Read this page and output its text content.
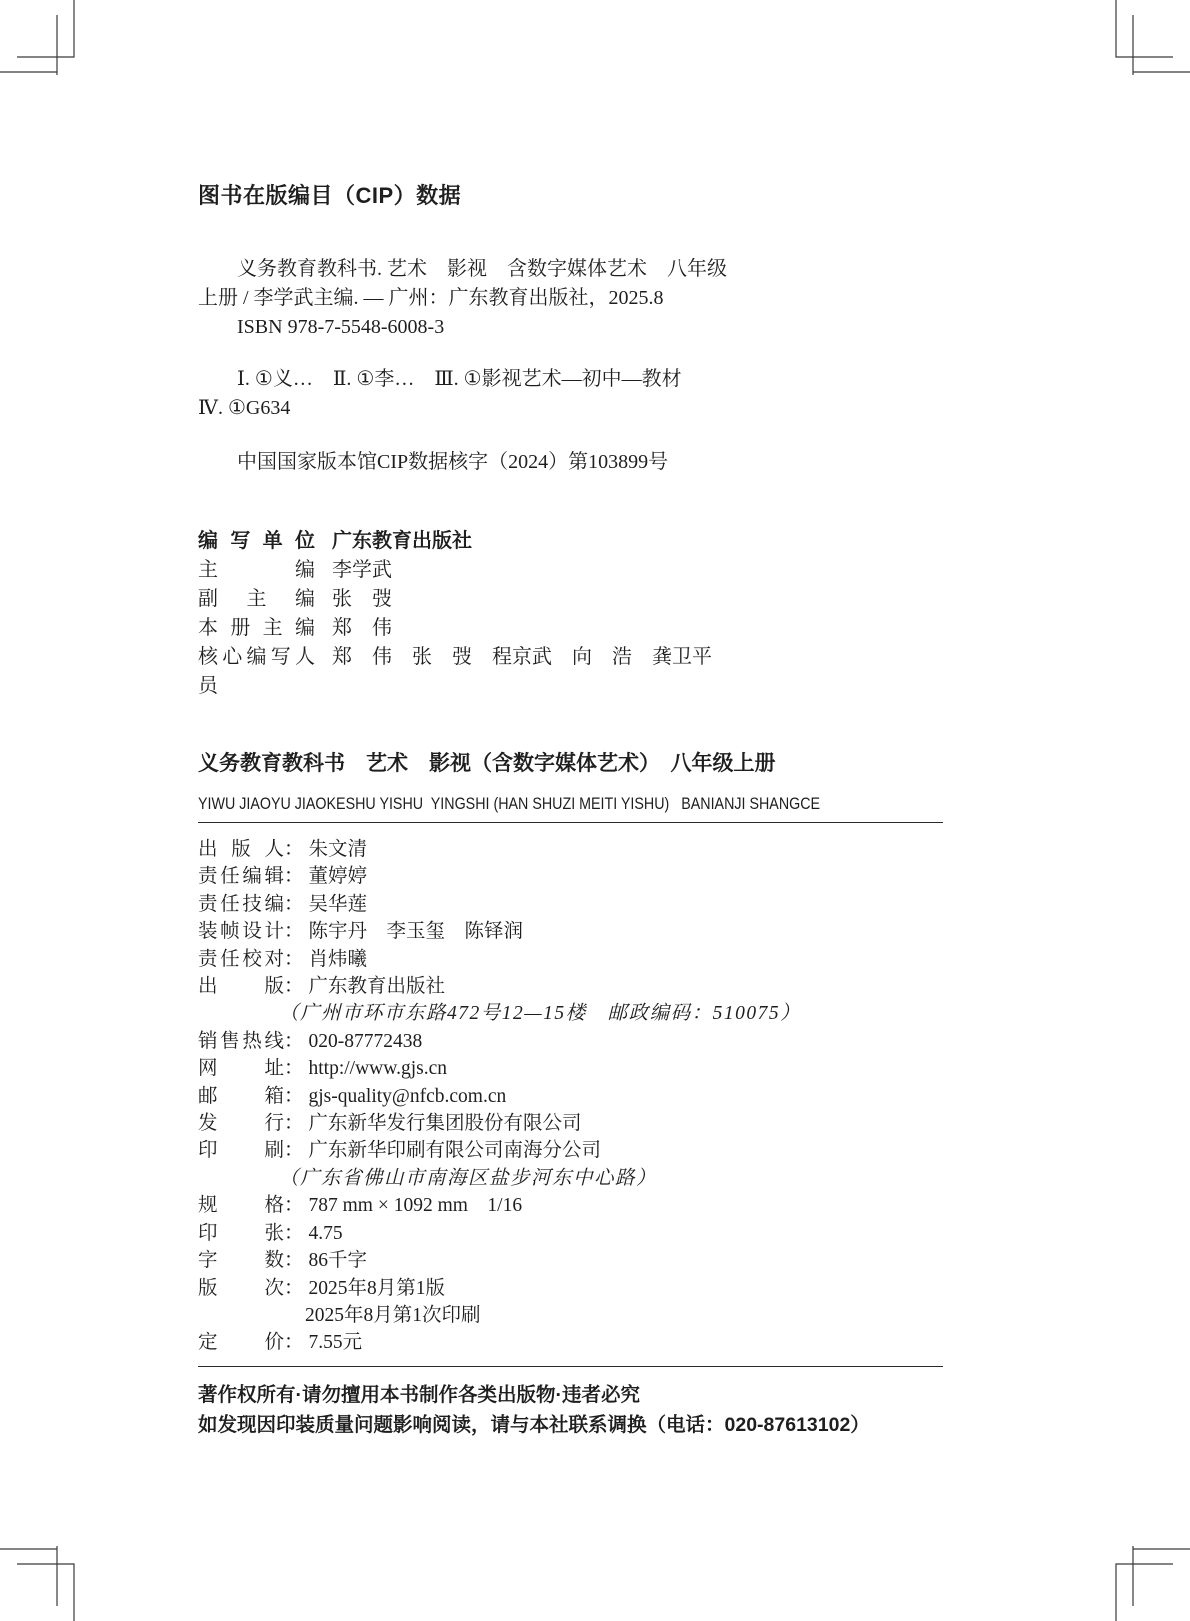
图书在版编目（CIP）数据
义务教育教科书. 艺术　影视　含数字媒体艺术　八年级
上册 / 李学武主编. — 广州：广东教育出版社，2025.8
ISBN 978-7-5548-6008-3
Ⅰ. ①义…　Ⅱ. ①李…　Ⅲ. ①影视艺术—初中—教材
Ⅳ. ①G634
中国国家版本馆CIP数据核字（2024）第103899号
编写单位 广东教育出版社
主编 李学武
副主编 张　弢
本册主编 郑　伟
核心编写人员郑　伟　张　弢　程京武　向　浩　龚卫平
义务教育教科书　艺术　影视（含数字媒体艺术）　八年级上册
YIWU JIAOYU JIAOKESHU YISHU  YINGSHI (HAN SHUZI MEITI YISHU)   BANIANJI SHANGCE
出版人： 朱文清
责任编辑： 董婷婷
责任技编： 吴华莲
装帧设计： 陈宇丹　李玉玺　陈铎润
责任校对： 肖炜曦
出版： 广东教育出版社
（广州市环市东路472号12—15楼　邮政编码：510075）
销售热线： 020-87772438
网址： http://www.gjs.cn
邮箱： gjs-quality@nfcb.com.cn
发行： 广东新华发行集团股份有限公司
印刷： 广东新华印刷有限公司南海分公司
（广东省佛山市南海区盐步河东中心路）
规格： 787 mm × 1092 mm　1/16
印张： 4.75
字数： 86千字
版次： 2025年8月第1版
2025年8月第1次印刷
定价： 7.55元
著作权所有·请勿擅用本书制作各类出版物·违者必究
如发现因印装质量问题影响阅读，请与本社联系调换（电话：020-87613102）
